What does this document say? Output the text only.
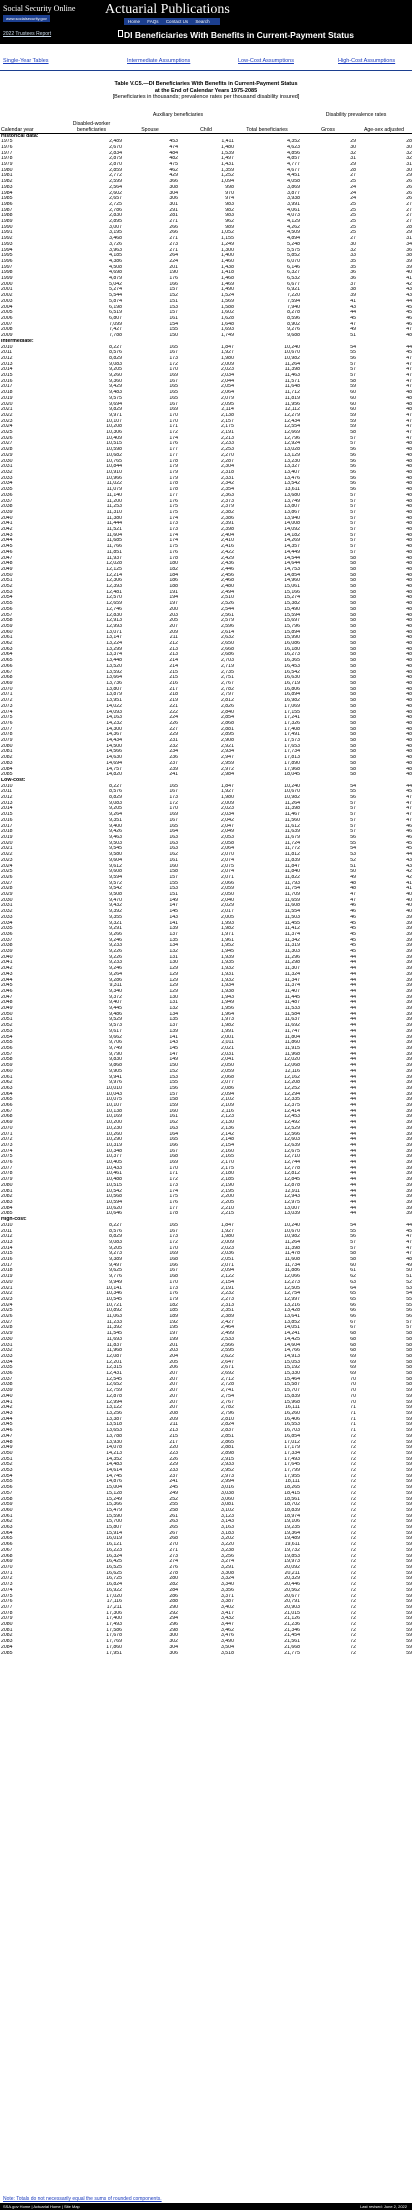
Social Security Online
www.socialsecurity.gov
Actuarial Publications
Home FAQs Contact Us Search
2022 Trustees Report	DI Beneficiaries With Benefits in Current-Payment Status
Single-Year Tables	Intermediate Assumptions	Low-Cost Assumptions	High-Cost Assumptions
Table V.C5.—DI Beneficiaries With Benefits in Current-Payment Status
at the End of Calendar Years 1975-2085
[Beneficiaries in thousands; prevalence rates per thousand disability insured]
		Auxiliary beneficiaries			Disability prevalence rates	
Calendar year	Disabled-worker beneficiaries	Spouse	Child	Total beneficiaries	Gross	Age-sex adjusted
Historical data:						
1975	2,489	453	1,411	4,352	29	28
1976	2,670	474	1,480	4,623	30	30
1977	2,834	484	1,539	4,856	32	32
1978	2,879	482	1,497	4,857	31	32
1979	2,870	475	1,431	4,777	29	31
1980	2,859	462	1,359	4,677	28	30
1981	2,772	429	1,252	4,451	27	29
1982	2,599	366	1,094	4,058	25	26
1983	2,564	308	998	3,869	24	26
1984	2,602	304	970	3,877	24	26
1985	2,657	306	974	3,938	24	26
1986	2,725	301	983	3,991	25	27
1987	2,786	291	982	4,061	25	27
1988	2,830	281	983	4,073	25	27
1989	2,895	271	962	4,129	25	27
1990	3,007	266	989	4,262	25	28
1991	3,195	266	1,052	4,509	25	29
1992	3,468	271	1,155	4,894	27	31
1993	3,726	273	1,249	5,248	30	34
1994	3,963	271	1,300	5,575	32	36
1995	4,185	264	1,400	5,852	33	38
1996	4,386	224	1,460	6,070	35	39
1997	4,508	201	1,438	6,146	35	39
1998	4,698	190	1,418	6,327	36	40
1999	4,879	176	1,468	6,532	36	41
2000	5,042	166	1,469	6,677	37	42
2001	5,274	157	1,490	6,921	38	43
2002	5,544	152	1,524	7,220	39	43
2003	5,874	151	1,569	7,594	41	44
2004	6,198	153	1,588	7,940	43	45
2005	6,519	157	1,602	8,278	44	45
2006	6,807	161	1,628	8,596	45	46
2007	7,099	154	1,648	8,902	47	46
2008	7,427	155	1,693	9,276	49	47
2009	7,788	150	1,749	9,688	51	48
Intermediate:						
2010	8,227	165	1,847	10,240	54	44
2011	8,576	167	1,927	10,670	55	45
2012	8,829	173	1,980	10,982	56	47
2013	9,083	172	2,009	11,264	57	47
2014	9,205	170	2,023	11,398	57	47
2015	9,260	169	2,034	11,463	57	47
2016	9,360	167	2,044	11,571	58	47
2017	9,429	165	2,054	11,648	59	47
2018	9,483	165	2,064	11,712	60	48
2019	9,575	165	2,079	11,819	60	48
2020	9,694	167	2,095	11,956	60	48
2021	9,829	169	2,114	12,112	60	48
2022	9,971	170	2,138	12,279	59	47
2023	10,107	170	2,157	12,434	59	47
2024	10,208	171	2,175	12,554	59	47
2025	10,306	172	2,191	12,669	58	47
2026	10,409	174	2,213	12,796	57	47
2027	10,515	176	2,233	12,924	57	48
2028	10,598	177	2,253	13,028	56	48
2029	10,682	177	2,270	13,129	56	48
2030	10,765	178	2,287	13,230	56	48
2031	10,844	179	2,304	13,327	56	48
2032	10,910	179	2,318	13,407	56	48
2033	10,966	179	2,331	13,476	56	48
2034	11,022	178	2,342	13,542	56	48
2035	11,079	178	2,354	13,611	56	48
2036	11,140	177	2,363	13,680	57	48
2037	11,200	176	2,373	13,749	57	48
2038	11,253	175	2,379	13,807	57	48
2039	11,310	175	2,382	13,867	57	48
2040	11,380	174	2,386	13,940	57	48
2041	11,444	173	2,391	14,008	57	48
2042	11,521	173	2,398	14,092	57	48
2043	11,604	174	2,404	14,182	57	48
2044	11,685	174	2,410	14,269	57	48
2045	11,766	175	2,416	14,357	57	48
2046	11,851	176	2,422	14,449	57	48
2047	11,937	178	2,429	14,544	58	48
2048	12,028	180	2,436	14,644	58	48
2049	12,125	182	2,446	14,753	58	48
2050	12,214	184	2,456	14,854	58	48
2051	12,306	186	2,468	14,960	58	48
2052	12,393	188	2,480	15,061	58	48
2053	12,481	191	2,494	15,166	58	48
2054	12,570	194	2,510	15,274	58	48
2055	12,659	197	2,526	15,382	58	48
2056	12,746	200	2,544	15,490	58	48
2057	12,830	203	2,561	15,594	58	48
2058	12,913	205	2,579	15,697	58	48
2059	12,993	207	2,596	15,796	58	48
2060	13,071	209	2,614	15,894	58	48
2061	13,147	211	2,632	15,990	58	48
2062	13,224	212	2,650	16,086	58	48
2063	13,299	213	2,668	16,180	58	48
2064	13,374	213	2,686	16,273	58	48
2065	13,448	214	2,703	16,365	58	48
2066	13,520	214	2,719	16,453	58	48
2067	13,592	215	2,735	16,542	58	48
2068	13,664	215	2,751	16,630	58	48
2069	13,736	216	2,767	16,719	58	48
2070	13,807	217	2,782	16,806	58	48
2071	13,879	218	2,797	16,894	58	48
2072	13,951	219	2,812	16,982	58	48
2073	14,022	221	2,826	17,069	58	48
2074	14,093	222	2,840	17,155	58	48
2075	14,163	224	2,854	17,241	58	48
2076	14,232	226	2,868	17,326	58	48
2077	14,300	227	2,881	17,408	58	48
2078	14,367	229	2,895	17,491	58	48
2079	14,434	231	2,908	17,573	58	48
2080	14,500	232	2,921	17,653	58	48
2081	14,566	234	2,934	17,734	58	48
2082	14,630	236	2,947	17,813	58	48
2083	14,694	237	2,959	17,890	58	48
2084	14,757	239	2,972	17,968	58	48
2085	14,820	241	2,984	18,045	58	48
Low-cost:						
2010	8,227	165	1,847	10,240	54	44
2011	8,576	167	1,927	10,670	55	45
2012	8,829	173	1,980	10,982	56	47
2013	9,083	172	2,009	11,264	57	47
2014	9,205	170	2,023	11,398	57	47
2015	9,264	169	2,034	11,467	57	47
2016	9,351	167	2,042	11,560	57	47
2017	9,400	165	2,047	11,612	57	46
2018	9,426	164	2,049	11,639	57	46
2019	9,463	163	2,053	11,679	56	46
2020	9,503	163	2,058	11,724	55	45
2021	9,545	163	2,064	11,772	54	45
2022	9,580	162	2,070	11,812	53	44
2023	9,604	161	2,074	11,839	52	43
2024	9,612	160	2,075	11,847	51	43
2025	9,608	158	2,074	11,840	50	42
2026	9,594	157	2,071	11,822	49	42
2027	9,572	155	2,066	11,793	48	41
2028	9,542	153	2,059	11,754	48	41
2029	9,508	151	2,050	11,709	47	40
2030	9,470	149	2,040	11,659	47	40
2031	9,432	147	2,029	11,608	46	40
2032	9,392	145	2,017	11,554	46	40
2033	9,355	143	2,005	11,503	46	39
2034	9,321	141	1,993	11,455	45	39
2035	9,291	139	1,982	11,412	45	39
2036	9,266	137	1,971	11,374	45	39
2037	9,246	135	1,961	11,342	45	39
2038	9,233	134	1,952	11,319	45	39
2039	9,226	132	1,945	11,303	45	39
2040	9,226	131	1,939	11,296	44	39
2041	9,233	130	1,935	11,298	44	39
2042	9,246	129	1,932	11,307	44	39
2043	9,264	129	1,931	11,324	44	39
2044	9,286	129	1,932	11,347	44	39
2045	9,311	129	1,934	11,374	44	39
2046	9,340	129	1,938	11,407	44	39
2047	9,372	130	1,943	11,445	44	39
2048	9,407	131	1,949	11,487	44	39
2049	9,445	132	1,956	11,533	44	39
2050	9,486	134	1,964	11,584	44	39
2051	9,529	135	1,973	11,637	44	39
2052	9,573	137	1,982	11,692	44	39
2053	9,617	139	1,991	11,747	44	39
2054	9,662	141	2,001	11,804	44	39
2055	9,706	143	2,011	11,860	44	39
2056	9,749	145	2,021	11,915	44	39
2057	9,790	147	2,031	11,968	44	39
2058	9,830	149	2,041	12,020	44	39
2059	9,868	150	2,050	12,068	44	39
2060	9,905	152	2,059	12,116	44	39
2061	9,941	153	2,068	12,162	44	39
2062	9,976	155	2,077	12,208	44	39
2063	10,010	156	2,086	12,252	44	39
2064	10,043	157	2,094	12,294	44	39
2065	10,075	158	2,102	12,335	44	39
2066	10,107	159	2,109	12,375	44	39
2067	10,138	160	2,116	12,414	44	39
2068	10,169	161	2,123	12,453	44	39
2069	10,200	162	2,130	12,492	44	39
2070	10,230	163	2,136	12,529	44	39
2071	10,260	164	2,142	12,566	44	39
2072	10,290	165	2,148	12,603	44	39
2073	10,319	166	2,154	12,639	44	39
2074	10,348	167	2,160	12,675	44	39
2075	10,377	168	2,165	12,710	44	39
2076	10,405	169	2,170	12,744	44	39
2077	10,433	170	2,175	12,778	44	39
2078	10,461	171	2,180	12,812	44	39
2079	10,488	172	2,185	12,845	44	39
2080	10,515	173	2,190	12,878	44	39
2081	10,542	174	2,195	12,911	44	39
2082	10,568	175	2,200	12,943	44	39
2083	10,594	176	2,205	12,975	44	39
2084	10,620	177	2,210	13,007	44	39
2085	10,646	178	2,215	13,039	44	39
High-cost:						
2010	8,227	165	1,847	10,240	54	44
2011	8,576	167	1,927	10,670	55	45
2012	8,829	173	1,980	10,982	56	47
2013	9,083	172	2,009	11,264	57	47
2014	9,205	170	2,023	11,398	57	47
2015	9,273	169	2,036	11,478	58	47
2016	9,389	168	2,051	11,608	58	48
2017	9,497	166	2,071	11,734	60	49
2018	9,625	167	2,094	11,886	61	50
2019	9,776	168	2,122	12,066	62	51
2020	9,949	170	2,154	12,273	63	52
2021	10,141	173	2,191	12,505	64	53
2022	10,346	176	2,232	12,754	65	54
2023	10,545	179	2,273	12,997	65	55
2024	10,721	182	2,313	13,216	66	55
2025	10,892	185	2,351	13,428	66	56
2026	11,063	189	2,389	13,641	66	56
2027	11,233	192	2,427	13,852	67	57
2028	11,392	195	2,464	14,051	67	57
2029	11,545	197	2,499	14,241	68	58
2030	11,693	199	2,533	14,425	68	58
2031	11,837	201	2,566	14,604	68	58
2032	11,968	203	2,595	14,766	68	58
2033	12,087	204	2,622	14,913	69	58
2034	12,201	205	2,647	15,053	69	58
2035	12,315	206	2,671	15,192	69	58
2036	12,431	207	2,692	15,330	69	58
2037	12,545	207	2,712	15,464	70	58
2038	12,652	207	2,728	15,587	70	58
2039	12,759	207	2,741	15,707	70	59
2040	12,878	207	2,754	15,839	70	59
2041	12,994	207	2,767	15,968	70	59
2042	13,122	207	2,782	16,111	71	59
2043	13,256	208	2,796	16,260	71	59
2044	13,387	209	2,810	16,406	71	59
2045	13,518	211	2,824	16,553	71	59
2046	13,653	213	2,837	16,703	71	59
2047	13,788	215	2,851	16,854	72	59
2048	13,930	217	2,865	17,012	72	59
2049	14,078	220	2,881	17,179	72	59
2050	14,213	223	2,898	17,334	72	59
2051	14,352	226	2,915	17,493	72	59
2052	14,483	229	2,933	17,645	72	59
2053	14,614	233	2,952	17,799	72	59
2054	14,745	237	2,973	17,955	72	59
2055	14,876	241	2,994	18,111	72	59
2056	15,004	245	3,016	18,265	72	59
2057	15,128	249	3,038	18,415	72	59
2058	15,249	252	3,060	18,561	72	59
2059	15,366	255	3,081	18,702	72	59
2060	15,479	258	3,102	18,839	72	59
2061	15,590	261	3,123	18,974	72	59
2062	15,700	263	3,143	19,106	72	59
2063	15,807	265	3,163	19,235	72	59
2064	15,914	267	3,183	19,364	72	59
2065	16,019	268	3,202	19,489	72	59
2066	16,121	270	3,220	19,611	72	59
2067	16,223	271	3,238	19,732	72	59
2068	16,324	273	3,256	19,853	72	59
2069	16,425	274	3,274	19,973	72	59
2070	16,525	276	3,291	20,092	72	59
2071	16,625	278	3,308	20,211	72	59
2072	16,725	280	3,324	20,329	72	59
2073	16,824	282	3,340	20,446	72	59
2074	16,922	284	3,356	20,562	72	59
2075	17,020	286	3,371	20,677	72	59
2076	17,116	288	3,387	20,791	72	59
2077	17,211	290	3,402	20,903	72	59
2078	17,306	292	3,417	21,015	72	59
2079	17,400	294	3,432	21,126	72	59
2080	17,493	296	3,447	21,236	72	59
2081	17,586	298	3,462	21,346	72	59
2082	17,678	300	3,476	21,454	72	59
2083	17,769	302	3,490	21,561	72	59
2084	17,860	304	3,504	21,668	72	59
2085	17,951	306	3,518	21,775	72	59
Note: Totals do not necessarily equal the sums of rounded components.
SSA.gov Home | Actuarial Home | Site Map	Last revised: June 2, 2022
